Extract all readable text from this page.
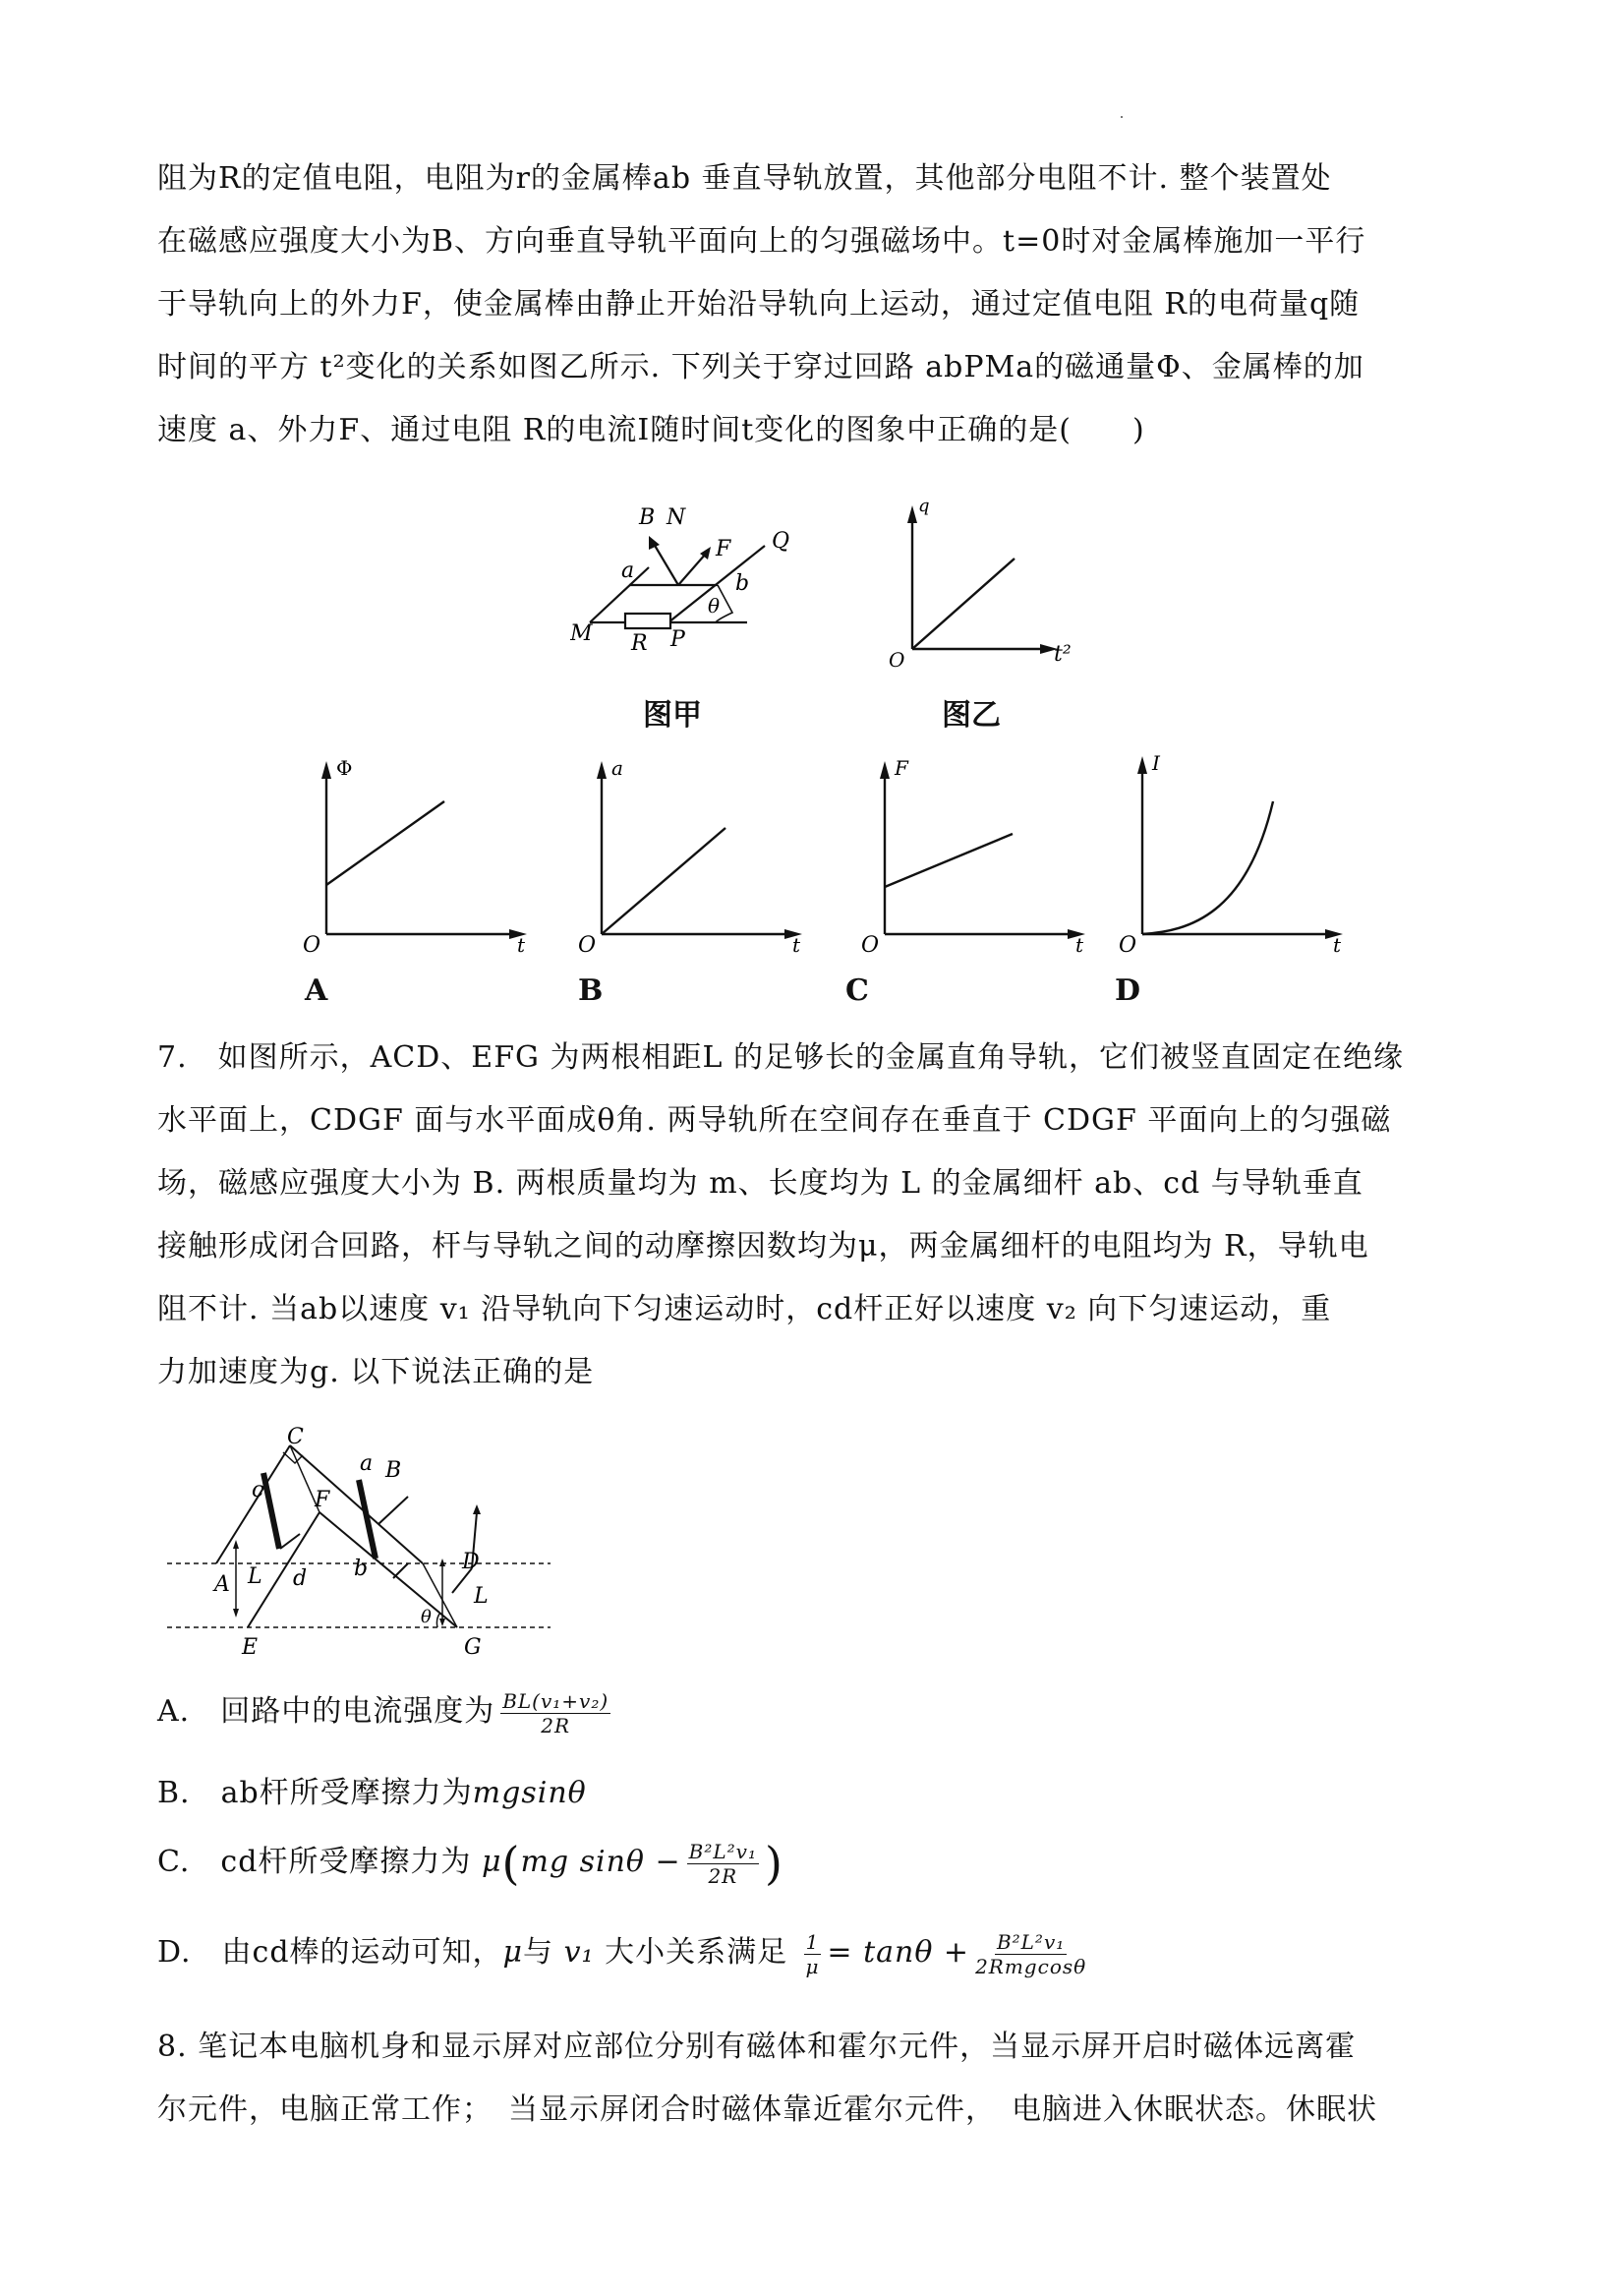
阻为R的定值电阻，电阻为r的金属棒ab 垂直导轨放置，其他部分电阻不计. 整个装置处
在磁感应强度大小为B、方向垂直导轨平面向上的匀强磁场中。t=0时对金属棒施加一平行
于导轨向上的外力F，使金属棒由静止开始沿导轨向上运动，通过定值电阻 R的电荷量q随
时间的平方 t²变化的关系如图乙所示. 下列关于穿过回路 abPMa的磁通量Φ、金属棒的加
速度 a、外力F、通过电阻 R的电流I随时间t变化的图象中正确的是(　　)
B N
F Q
a
b
θ
M R P
图甲
q
O	t²
图乙
Φ
O	t
A
a
O	t
B
F
O	t
C
I
O	t
D
7.　如图所示，ACD、EFG 为两根相距L 的足够长的金属直角导轨，它们被竖直固定在绝缘
水平面上，CDGF 面与水平面成θ角. 两导轨所在空间存在垂直于 CDGF 平面向上的匀强磁
场，磁感应强度大小为 B. 两根质量均为 m、长度均为 L 的金属细杆 ab、cd 与导轨垂直
接触形成闭合回路，杆与导轨之间的动摩擦因数均为μ，两金属细杆的电阻均为 R，导轨电
阻不计. 当ab以速度 v₁ 沿导轨向下匀速运动时，cd杆正好以速度 v₂ 向下匀速运动，重
力加速度为g. 以下说法正确的是
C
c F
a B
A L d b	D
L
E
θ
G
A.　回路中的电流强度为 $\frac{\text{BL(v₁+v₂)}}{2R}$
B.　ab杆所受摩擦力为mgsinθ
C.　cd杆所受摩擦力为 μ(mg $\sin\theta - \frac{\text{B²L²v₁}}{2R}$ )
D.　由cd棒的运动可知，μ与 v₁ 大小关系满足 $\frac{1}{\mu} = \tan\theta + \frac{\text{B²L²v₁}}{\text{2Rmgcosθ}}$
8. 笔记本电脑机身和显示屏对应部位分别有磁体和霍尔元件，当显示屏开启时磁体远离霍
尔元件，电脑正常工作；　当显示屏闭合时磁体靠近霍尔元件，　电脑进入休眠状态。休眠状
